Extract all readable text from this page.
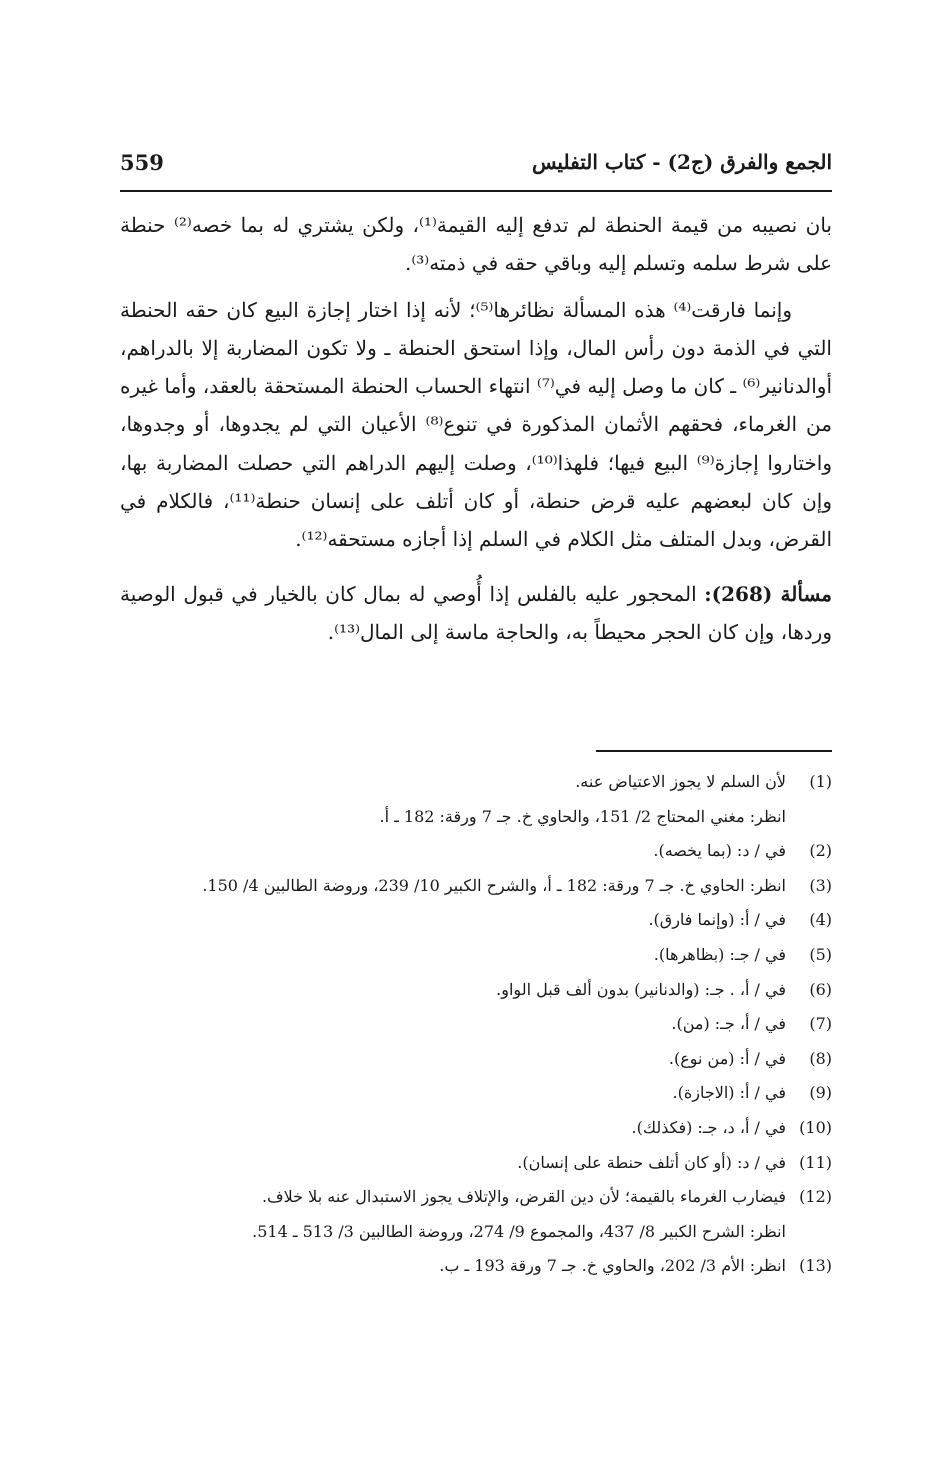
الجمع والفرق (ج2) - كتاب التفليس
559

بان نصيبه من قيمة الحنطة لم تدفع إليه القيمة⁽¹⁾، ولكن يشتري له بما خصه⁽²⁾ حنطة على شرط سلمه وتسلم إليه وباقي حقه في ذمته⁽³⁾.

وإنما فارقت⁽⁴⁾ هذه المسألة نظائرها⁽⁵⁾؛ لأنه إذا اختار إجازة البيع كان حقه الحنطة التي في الذمة دون رأس المال، وإذا استحق الحنطة ـ ولا تكون المضاربة إلا بالدراهم، أوالدنانير⁽⁶⁾ ـ كان ما وصل إليه في⁽⁷⁾ انتهاء الحساب الحنطة المستحقة بالعقد، وأما غيره من الغرماء، فحقهم الأثمان المذكورة في تنوع⁽⁸⁾ الأعيان التي لم يجدوها، أو وجدوها، واختاروا إجازة⁽⁹⁾ البيع فيها؛ فلهذا⁽¹⁰⁾، وصلت إليهم الدراهم التي حصلت المضاربة بها، وإن كان لبعضهم عليه قرض حنطة، أو كان أتلف على إنسان حنطة⁽¹¹⁾، فالكلام في القرض، وبدل المتلف مثل الكلام في السلم إذا أجازه مستحقه⁽¹²⁾.

مسألة (268): المحجور عليه بالفلس إذا أُوصي له بمال كان بالخيار في قبول الوصية وردها، وإن كان الحجر محيطاً به، والحاجة ماسة إلى المال⁽¹³⁾.

(1)
لأن السلم لا يجوز الاعتياض عنه.
انظر: مغني المحتاج 2/ 151، والحاوي خ. جـ 7 ورقة: 182 ـ أ.
(2)
في / د: (بما يخصه).
(3)
انظر: الحاوي خ. جـ 7 ورقة: 182 ـ أ، والشرح الكبير 10/ 239، وروضة الطالبين 4/ 150.
(4)
في / أ: (وإنما فارق).
(5)
في / جـ: (بظاهرها).
(6)
في / أ، . جـ: (والدنانير) بدون ألف قبل الواو.
(7)
في / أ، جـ: (من).
(8)
في / أ: (من نوع).
(9)
في / أ: (الاجازة).
(10)
في / أ، د، جـ: (فكذلك).
(11)
في / د: (أو كان أتلف حنطة على إنسان).
(12)
فيضارب الغرماء بالقيمة؛ لأن دين القرض، والإتلاف يجوز الاستبدال عنه بلا خلاف.
انظر: الشرح الكبير 8/ 437، والمجموع 9/ 274، وروضة الطالبين 3/ 513 ـ 514.
(13)
انظر: الأم 3/ 202، والحاوي خ. جـ 7 ورقة 193 ـ ب.
